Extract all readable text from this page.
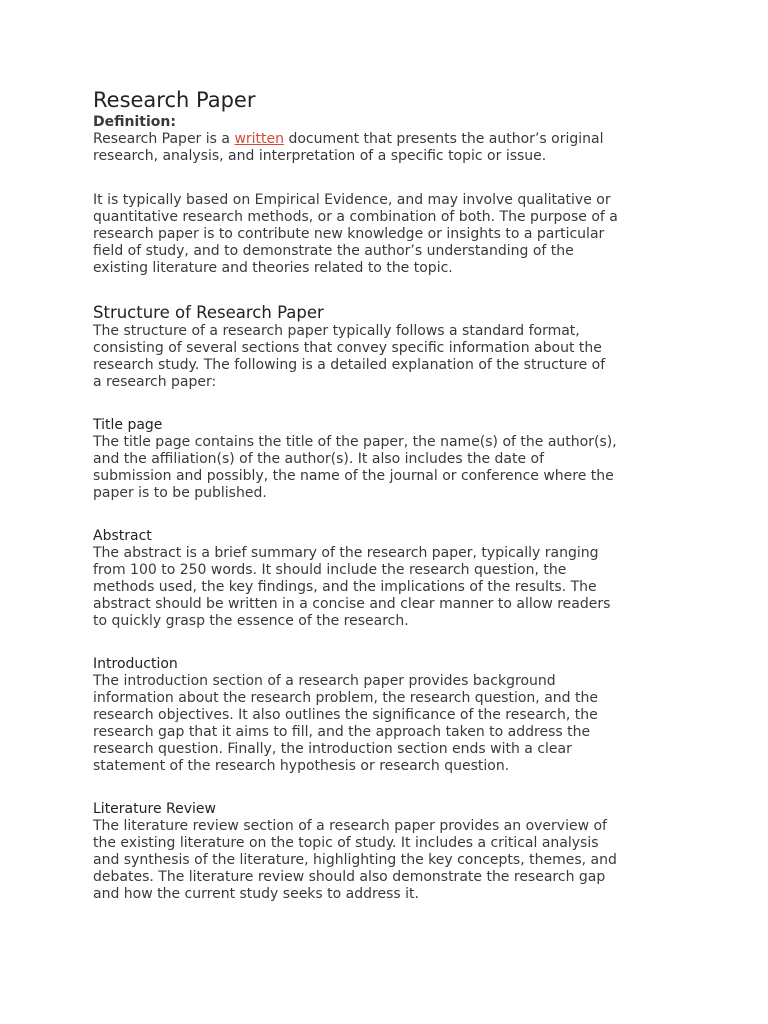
Research Paper

Definition:

Research Paper is a written document that presents the author’s original

research, analysis, and interpretation of a specific topic or issue.

It is typically based on Empirical Evidence, and may involve qualitative or

quantitative research methods, or a combination of both. The purpose of a

research paper is to contribute new knowledge or insights to a particular

field of study, and to demonstrate the author’s understanding of the

existing literature and theories related to the topic.

Structure of Research Paper

The structure of a research paper typically follows a standard format,

consisting of several sections that convey specific information about the

research study. The following is a detailed explanation of the structure of

a research paper:

Title page

The title page contains the title of the paper, the name(s) of the author(s),

and the affiliation(s) of the author(s). It also includes the date of

submission and possibly, the name of the journal or conference where the

paper is to be published.

Abstract

The abstract is a brief summary of the research paper, typically ranging

from 100 to 250 words. It should include the research question, the

methods used, the key findings, and the implications of the results. The

abstract should be written in a concise and clear manner to allow readers

to quickly grasp the essence of the research.

Introduction

The introduction section of a research paper provides background

information about the research problem, the research question, and the

research objectives. It also outlines the significance of the research, the

research gap that it aims to fill, and the approach taken to address the

research question. Finally, the introduction section ends with a clear

statement of the research hypothesis or research question.

Literature Review

The literature review section of a research paper provides an overview of

the existing literature on the topic of study. It includes a critical analysis

and synthesis of the literature, highlighting the key concepts, themes, and

debates. The literature review should also demonstrate the research gap

and how the current study seeks to address it.
